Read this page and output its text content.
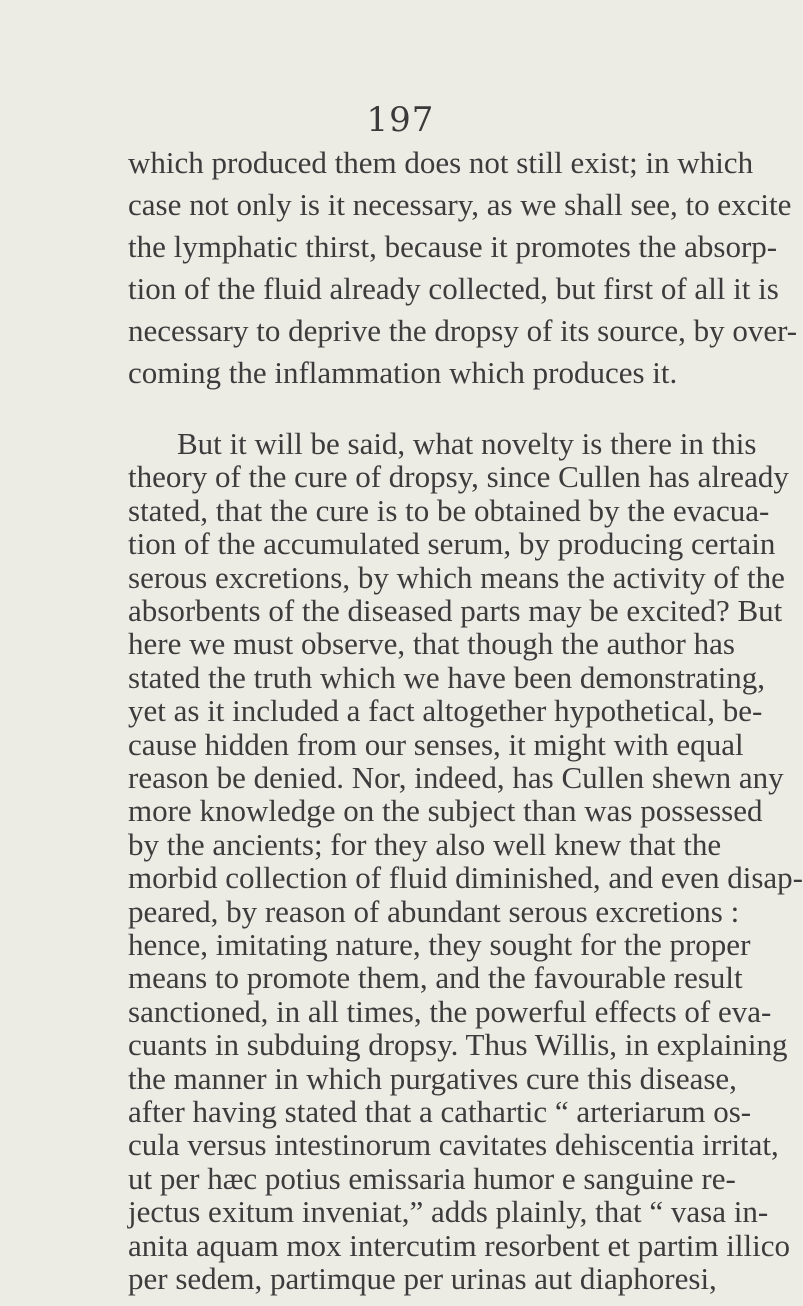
197
which produced them does not still exist; in which
case not only is it necessary, as we shall see, to excite
the lymphatic thirst, because it promotes the absorp-
tion of the fluid already collected, but first of all it is
necessary to deprive the dropsy of its source, by over-
coming the inflammation which produces it.
But it will be said, what novelty is there in this
theory of the cure of dropsy, since Cullen has already
stated, that the cure is to be obtained by the evacua-
tion of the accumulated serum, by producing certain
serous excretions, by which means the activity of the
absorbents of the diseased parts may be excited? But
here we must observe, that though the author has
stated the truth which we have been demonstrating,
yet as it included a fact altogether hypothetical, be-
cause hidden from our senses, it might with equal
reason be denied. Nor, indeed, has Cullen shewn any
more knowledge on the subject than was possessed
by the ancients; for they also well knew that the
morbid collection of fluid diminished, and even disap-
peared, by reason of abundant serous excretions :
hence, imitating nature, they sought for the proper
means to promote them, and the favourable result
sanctioned, in all times, the powerful effects of eva-
cuants in subduing dropsy. Thus Willis, in explaining
the manner in which purgatives cure this disease,
after having stated that a cathartic “ arteriarum os-
cula versus intestinorum cavitates dehiscentia irritat,
ut per hæc potius emissaria humor e sanguine re-
jectus exitum inveniat,” adds plainly, that “ vasa in-
anita aquam mox intercutim resorbent et partim illico
per sedem, partimque per urinas aut diaphoresi,
